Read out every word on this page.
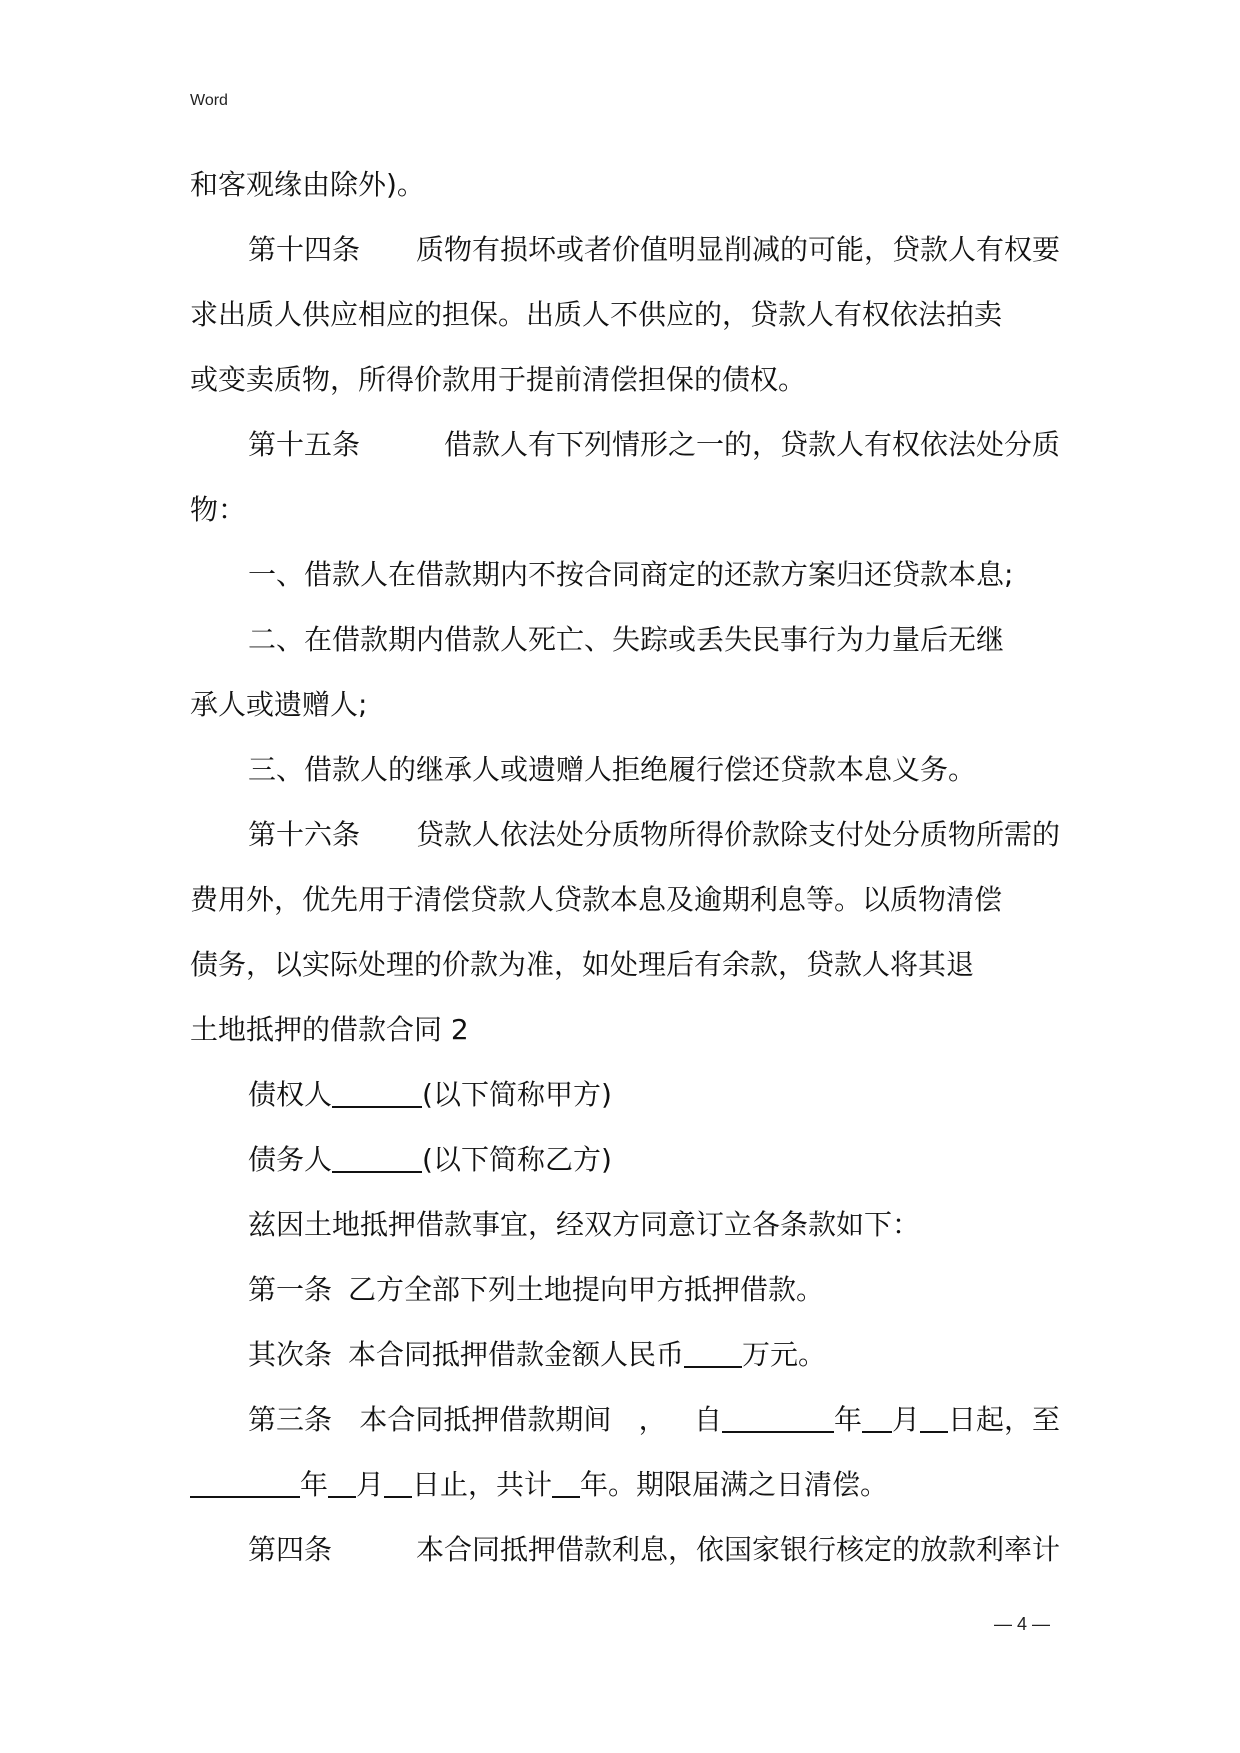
Word
和客观缘由除外)。
第十四条 质物有损坏或者价值明显削减的可能，贷款人有权要
求出质人供应相应的担保。出质人不供应的，贷款人有权依法拍卖
或变卖质物，所得价款用于提前清偿担保的债权。
第十五条	借款人有下列情形之一的，贷款人有权依法处分质
物：
一、借款人在借款期内不按合同商定的还款方案归还贷款本息;
二、在借款期内借款人死亡、失踪或丢失民事行为力量后无继
承人或遗赠人;
三、借款人的继承人或遗赠人拒绝履行偿还贷款本息义务。
第十六条 贷款人依法处分质物所得价款除支付处分质物所需的
费用外，优先用于清偿贷款人贷款本息及逾期利息等。以质物清偿
债务，以实际处理的价款为准，如处理后有余款，贷款人将其退
土地抵押的借款合同 2
债权人	(以下简称甲方)
债务人	(以下简称乙方)
兹因土地抵押借款事宜，经双方同意订立各条款如下：
第一条 乙方全部下列土地提向甲方抵押借款。
其次条 本合同抵押借款金额人民币 万元。
第三条 本合同抵押借款期间 ， 自	年 月 日起，至
年 月 日止，共计 年。期限届满之日清偿。
第四条	本合同抵押借款利息，依国家银行核定的放款利率计
— 4 —
